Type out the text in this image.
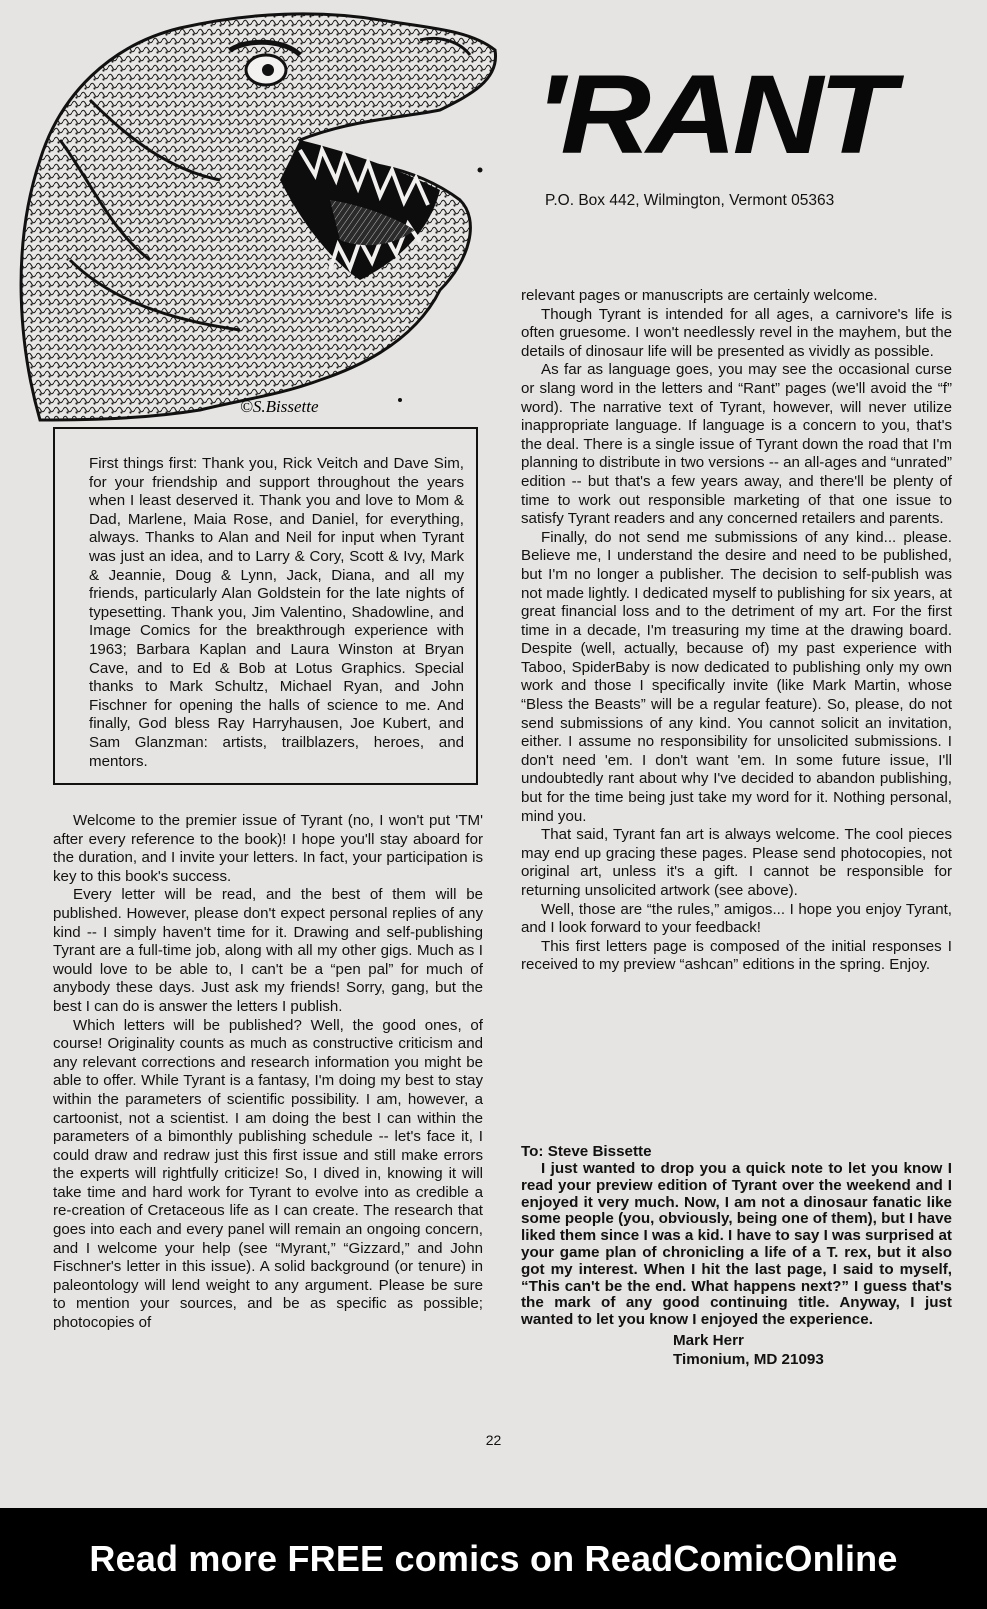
©S.Bissette
'RANT
P.O. Box 442, Wilmington, Vermont 05363

First things first: Thank you, Rick Veitch and Dave Sim, for your friendship and support throughout the years when I least deserved it. Thank you and love to Mom & Dad, Marlene, Maia Rose, and Daniel, for everything, always. Thanks to Alan and Neil for input when Tyrant was just an idea, and to Larry & Cory, Scott & Ivy, Mark & Jeannie, Doug & Lynn, Jack, Diana, and all my friends, particularly Alan Goldstein for the late nights of typesetting. Thank you, Jim Valentino, Shadowline, and Image Comics for the breakthrough experience with 1963; Barbara Kaplan and Laura Winston at Bryan Cave, and to Ed & Bob at Lotus Graphics. Special thanks to Mark Schultz, Michael Ryan, and John Fischner for opening the halls of science to me. And finally, God bless Ray Harryhausen, Joe Kubert, and Sam Glanzman: artists, trailblazers, heroes, and mentors.

Welcome to the premier issue of Tyrant (no, I won't put 'TM' after every reference to the book)! I hope you'll stay aboard for the duration, and I invite your letters. In fact, your participation is key to this book's success.

Every letter will be read, and the best of them will be published. However, please don't expect personal replies of any kind -- I simply haven't time for it. Drawing and self-publishing Tyrant are a full-time job, along with all my other gigs. Much as I would love to be able to, I can't be a “pen pal” for much of anybody these days. Just ask my friends! Sorry, gang, but the best I can do is answer the letters I publish.

Which letters will be published? Well, the good ones, of course! Originality counts as much as constructive criticism and any relevant corrections and research information you might be able to offer. While Tyrant is a fantasy, I'm doing my best to stay within the parameters of scientific possibility. I am, however, a cartoonist, not a scientist. I am doing the best I can within the parameters of a bimonthly publishing schedule -- let's face it, I could draw and redraw just this first issue and still make errors the experts will rightfully criticize! So, I dived in, knowing it will take time and hard work for Tyrant to evolve into as credible a re-creation of Cretaceous life as I can create. The research that goes into each and every panel will remain an ongoing concern, and I welcome your help (see “Myrant,” “Gizzard,” and John Fischner's letter in this issue). A solid background (or tenure) in paleontology will lend weight to any argument. Please be sure to mention your sources, and be as specific as possible; photocopies of

relevant pages or manuscripts are certainly welcome.

Though Tyrant is intended for all ages, a carnivore's life is often gruesome. I won't needlessly revel in the mayhem, but the details of dinosaur life will be presented as vividly as possible.

As far as language goes, you may see the occasional curse or slang word in the letters and “Rant” pages (we'll avoid the “f” word). The narrative text of Tyrant, however, will never utilize inappropriate language. If language is a concern to you, that's the deal. There is a single issue of Tyrant down the road that I'm planning to distribute in two versions -- an all-ages and “unrated” edition -- but that's a few years away, and there'll be plenty of time to work out responsible marketing of that one issue to satisfy Tyrant readers and any concerned retailers and parents.

Finally, do not send me submissions of any kind... please. Believe me, I understand the desire and need to be published, but I'm no longer a publisher. The decision to self-publish was not made lightly. I dedicated myself to publishing for six years, at great financial loss and to the detriment of my art. For the first time in a decade, I'm treasuring my time at the drawing board. Despite (well, actually, because of) my past experience with Taboo, SpiderBaby is now dedicated to publishing only my own work and those I specifically invite (like Mark Martin, whose “Bless the Beasts” will be a regular feature). So, please, do not send submissions of any kind. You cannot solicit an invitation, either. I assume no responsibility for unsolicited submissions. I don't need 'em. I don't want 'em. In some future issue, I'll undoubtedly rant about why I've decided to abandon publishing, but for the time being just take my word for it. Nothing personal, mind you.

That said, Tyrant fan art is always welcome. The cool pieces may end up gracing these pages. Please send photocopies, not original art, unless it's a gift. I cannot be responsible for returning unsolicited artwork (see above).

Well, those are “the rules,” amigos... I hope you enjoy Tyrant, and I look forward to your feedback!

This first letters page is composed of the initial responses I received to my preview “ashcan” editions in the spring. Enjoy.

To: Steve Bissette

I just wanted to drop you a quick note to let you know I read your preview edition of Tyrant over the weekend and I enjoyed it very much. Now, I am not a dinosaur fanatic like some people (you, obviously, being one of them), but I have liked them since I was a kid. I have to say I was surprised at your game plan of chronicling a life of a T. rex, but it also got my interest. When I hit the last page, I said to myself, “This can't be the end. What happens next?” I guess that's the mark of any good continuing title. Anyway, I just wanted to let you know I enjoyed the experience.

Mark Herr
Timonium, MD 21093
22
Read more FREE comics on ReadComicOnline
